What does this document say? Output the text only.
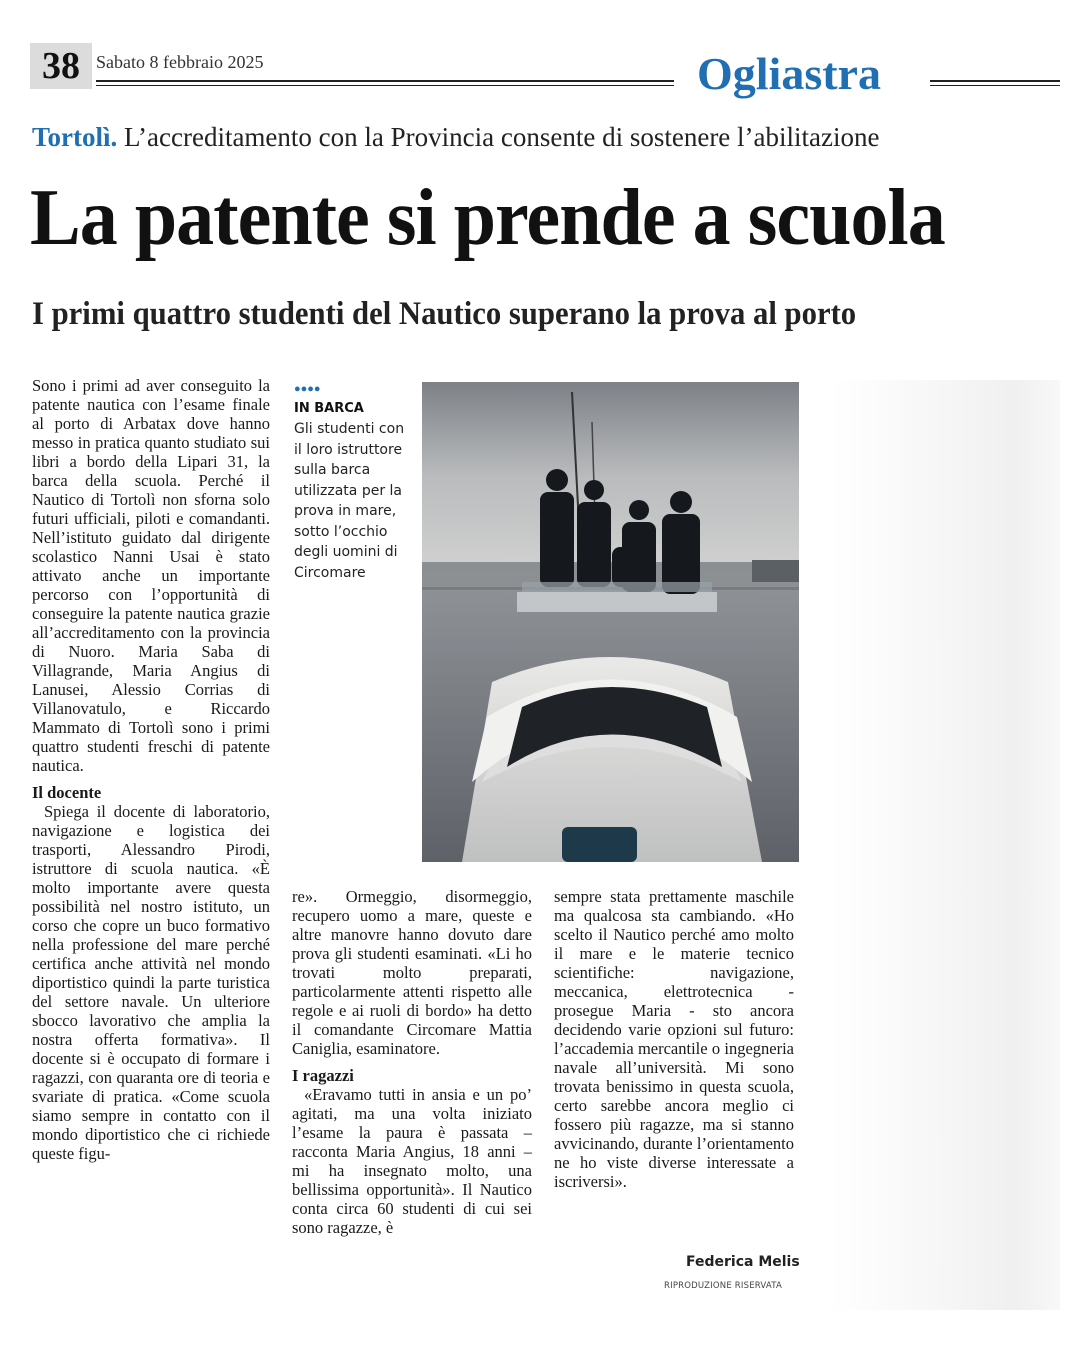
38 Sabato 8 febbraio 2025	Ogliastra
Tortolì. L’accreditamento con la Provincia consente di sostenere l’abilitazione
La patente si prende a scuola
I primi quattro studenti del Nautico superano la prova al porto

Sono i primi ad aver conseguito la patente nautica con l’esame finale al porto di Arbatax dove hanno messo in pratica quanto studiato sui libri a bordo della Lipari 31, la barca della scuola. Perché il Nautico di Tortolì non sforna solo futuri ufficiali, piloti e comandanti. Nell’istituto guidato dal dirigente scolastico Nanni Usai è stato attivato anche un importante percorso con l’opportunità di conseguire la patente nautica grazie all’accreditamento con la provincia di Nuoro. Maria Saba di Villagrande, Maria Angius di Lanusei, Alessio Corrias di Villanovatulo, e Riccardo Mammato di Tortolì sono i primi quattro studenti freschi di patente nautica.

Il docente

Spiega il docente di laboratorio, navigazione e logistica dei trasporti, Alessandro Pirodi, istruttore di scuola nautica. «È molto importante avere questa possibilità nel nostro istituto, un corso che copre un buco formativo nella professione del mare perché certifica anche attività nel mondo diportistico quindi la parte turistica del settore navale. Un ulteriore sbocco lavorativo che amplia la nostra offerta formativa». Il docente si è occupato di formare i ragazzi, con quaranta ore di teoria e svariate di pratica. «Come scuola siamo sempre in contatto con il mondo diportistico che ci richiede queste figu-

●●●●
IN BARCA
Gli studenti con il loro istruttore sulla barca utilizzata per la prova in mare, sotto l’occhio degli uomini di Circomare

re». Ormeggio, disormeggio, recupero uomo a mare, queste e altre manovre hanno dovuto dare prova gli studenti esaminati. «Li ho trovati molto preparati, particolarmente attenti rispetto alle regole e ai ruoli di bordo» ha detto il comandante Circomare Mattia Caniglia, esaminatore.

I ragazzi

«Eravamo tutti in ansia e un po’ agitati, ma una volta iniziato l’esame la paura è passata – racconta Maria Angius, 18 anni – mi ha insegnato molto, una bellissima opportunità». Il Nautico conta circa 60 studenti di cui sei sono ragazze, è

sempre stata prettamente maschile ma qualcosa sta cambiando. «Ho scelto il Nautico perché amo molto il mare e le materie tecnico scientifiche: navigazione, meccanica, elettrotecnica - prosegue Maria - sto ancora decidendo varie opzioni sul futuro: l’accademia mercantile o ingegneria navale all’università. Mi sono trovata benissimo in questa scuola, certo sarebbe ancora meglio ci fossero più ragazze, ma si stanno avvicinando, durante l’orientamento ne ho viste diverse interessate a iscriversi».

Federica Melis
RIPRODUZIONE RISERVATA
